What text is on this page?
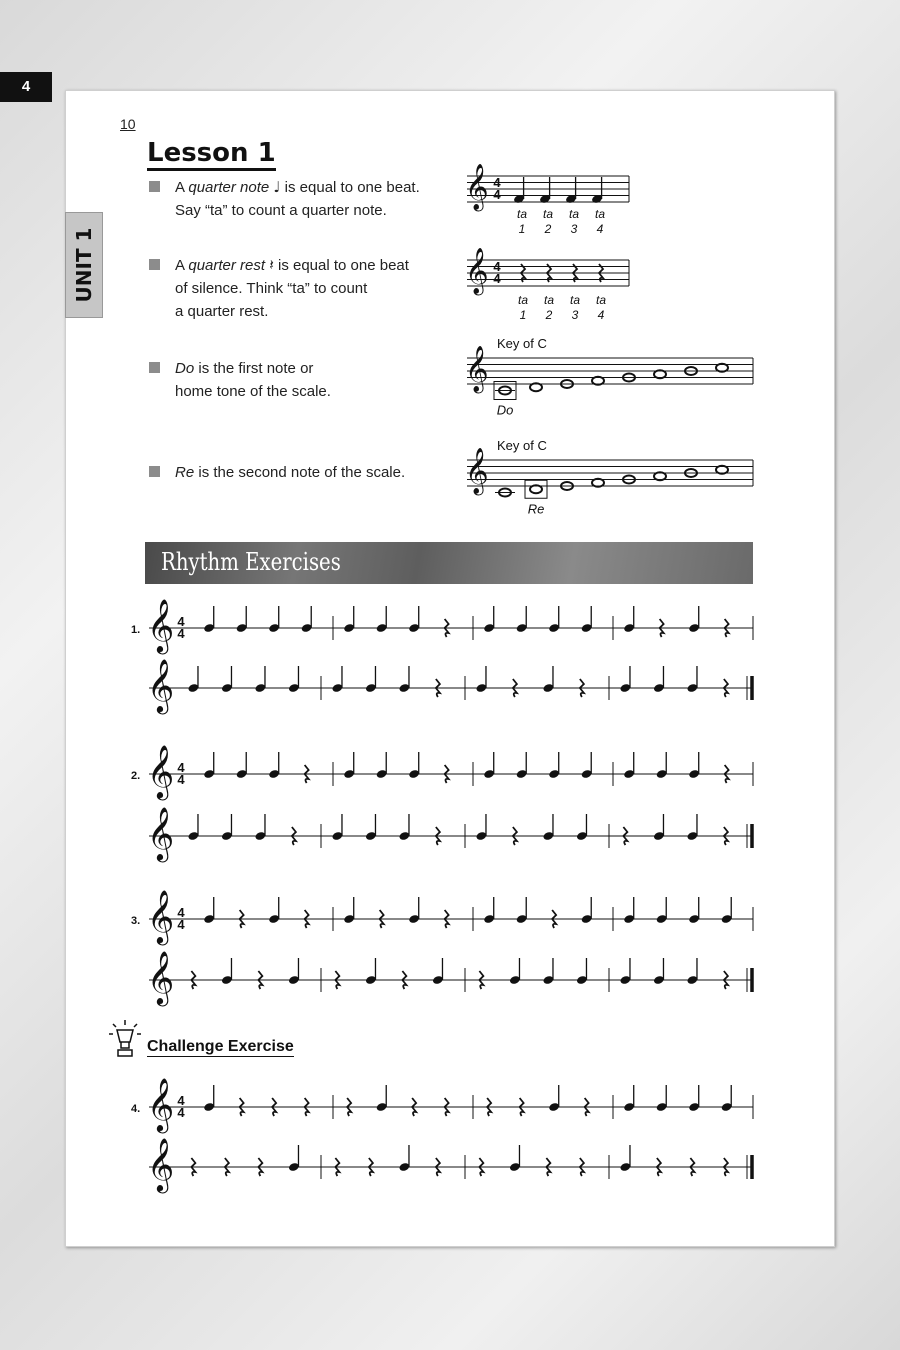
4
10
Lesson 1
UNIT 1
A quarter note ♩ is equal to one beat.
Say “ta” to count a quarter note.
A quarter rest 𝄽 is equal to one beat
of silence. Think “ta” to count
a quarter rest.
Do is the first note or
home tone of the scale.
Re is the second note of the scale.
Rhythm Exercises
Challenge Exercise
1. 𝄞 4
4
𝄞
2. 𝄞 4
4
𝄞
3. 𝄞 4
4
𝄞
4. 𝄞 4
4
𝄞
𝄞 4
4
ta
1
ta
2
ta
3
ta
4
𝄞 4
4
ta
1
ta
2
ta
3
ta
4
Key of C
𝄞
Do
Key of C
𝄞
Re
